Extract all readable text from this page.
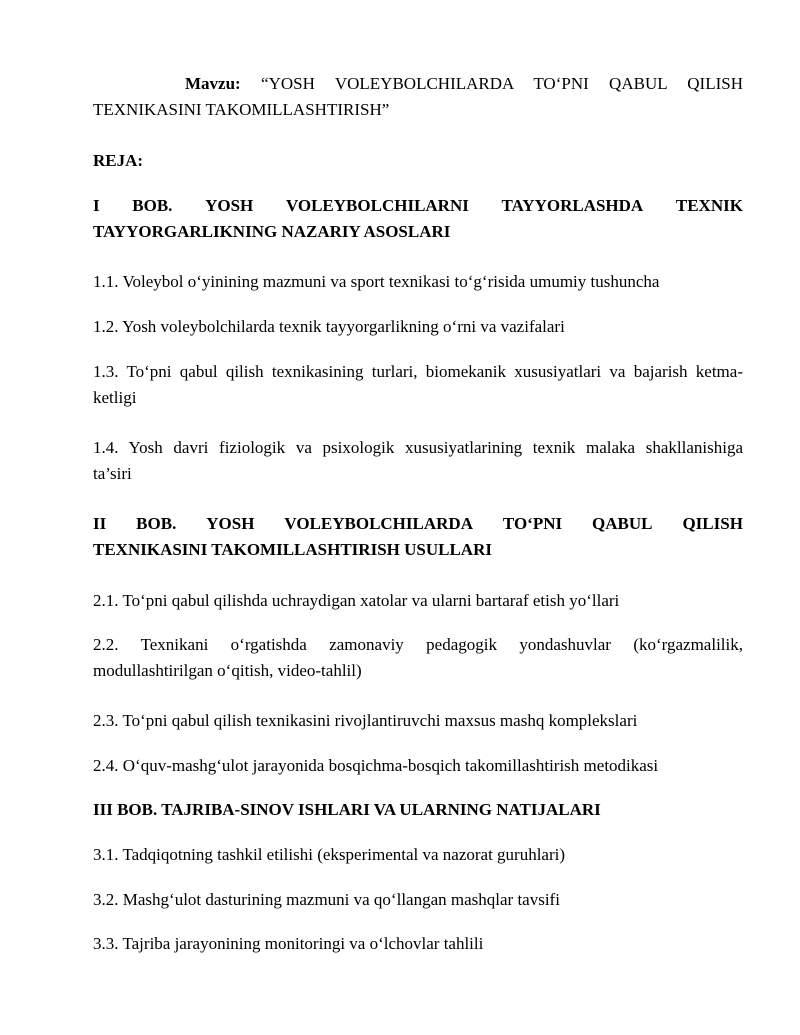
Mavzu: “YOSH VOLEYBOLCHILARDA TO‘PNI QABUL QILISH
TEXNIKASINI TAKOMILLASHTIRISH”
REJA:
I BOB. YOSH VOLEYBOLCHILARNI TAYYORLASHDA TEXNIK
TAYYORGARLIKNING NAZARIY ASOSLARI
1.1. Voleybol o‘yinining mazmuni va sport texnikasi to‘g‘risida umumiy tushuncha
1.2. Yosh voleybolchilarda texnik tayyorgarlikning o‘rni va vazifalari
1.3. To‘pni qabul qilish texnikasining turlari, biomekanik xususiyatlari va bajarish ketma-
ketligi
1.4. Yosh davri fiziologik va psixologik xususiyatlarining texnik malaka shakllanishiga
ta’siri
II BOB. YOSH VOLEYBOLCHILARDA TO‘PNI QABUL QILISH
TEXNIKASINI TAKOMILLASHTIRISH USULLARI
2.1. To‘pni qabul qilishda uchraydigan xatolar va ularni bartaraf etish yo‘llari
2.2. Texnikani o‘rgatishda zamonaviy pedagogik yondashuvlar (ko‘rgazmalilik,
modullashtirilgan o‘qitish, video-tahlil)
2.3. To‘pni qabul qilish texnikasini rivojlantiruvchi maxsus mashq komplekslari
2.4. O‘quv-mashg‘ulot jarayonida bosqichma-bosqich takomillashtirish metodikasi
III BOB. TAJRIBA-SINOV ISHLARI VA ULARNING NATIJALARI
3.1. Tadqiqotning tashkil etilishi (eksperimental va nazorat guruhlari)
3.2. Mashg‘ulot dasturining mazmuni va qo‘llangan mashqlar tavsifi
3.3. Tajriba jarayonining monitoringi va o‘lchovlar tahlili
